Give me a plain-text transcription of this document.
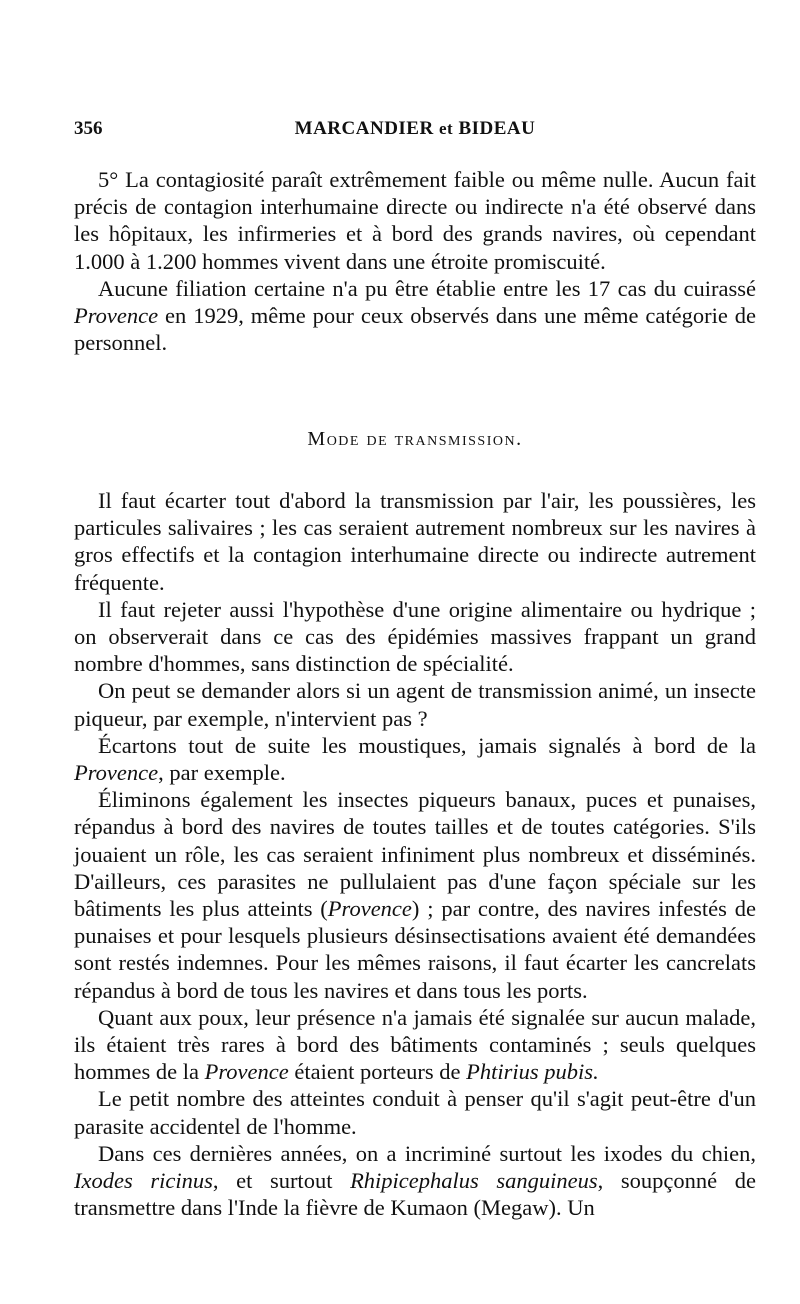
356	MARCANDIER et BIDEAU

5° La contagiosité paraît extrêmement faible ou même nulle. Aucun fait précis de contagion interhumaine directe ou indirecte n'a été observé dans les hôpitaux, les infirmeries et à bord des grands navires, où cependant 1.000 à 1.200 hommes vivent dans une étroite promiscuité.

Aucune filiation certaine n'a pu être établie entre les 17 cas du cuirassé Provence en 1929, même pour ceux observés dans une même catégorie de personnel.

Mode de transmission.

Il faut écarter tout d'abord la transmission par l'air, les poussières, les particules salivaires ; les cas seraient autrement nombreux sur les navires à gros effectifs et la contagion interhumaine directe ou indirecte autrement fréquente.

Il faut rejeter aussi l'hypothèse d'une origine alimentaire ou hydrique ; on observerait dans ce cas des épidémies massives frappant un grand nombre d'hommes, sans distinction de spécialité.

On peut se demander alors si un agent de transmission animé, un insecte piqueur, par exemple, n'intervient pas ?

Écartons tout de suite les moustiques, jamais signalés à bord de la Provence, par exemple.

Éliminons également les insectes piqueurs banaux, puces et punaises, répandus à bord des navires de toutes tailles et de toutes catégories. S'ils jouaient un rôle, les cas seraient infiniment plus nombreux et disséminés. D'ailleurs, ces parasites ne pullulaient pas d'une façon spéciale sur les bâtiments les plus atteints (Provence) ; par contre, des navires infestés de punaises et pour lesquels plusieurs désinsectisations avaient été demandées sont restés indemnes. Pour les mêmes raisons, il faut écarter les cancrelats répandus à bord de tous les navires et dans tous les ports.

Quant aux poux, leur présence n'a jamais été signalée sur aucun malade, ils étaient très rares à bord des bâtiments contaminés ; seuls quelques hommes de la Provence étaient porteurs de Phtirius pubis.

Le petit nombre des atteintes conduit à penser qu'il s'agit peut-être d'un parasite accidentel de l'homme.

Dans ces dernières années, on a incriminé surtout les ixodes du chien, Ixodes ricinus, et surtout Rhipicephalus sanguineus, soupçonné de transmettre dans l'Inde la fièvre de Kumaon (Megaw). Un
